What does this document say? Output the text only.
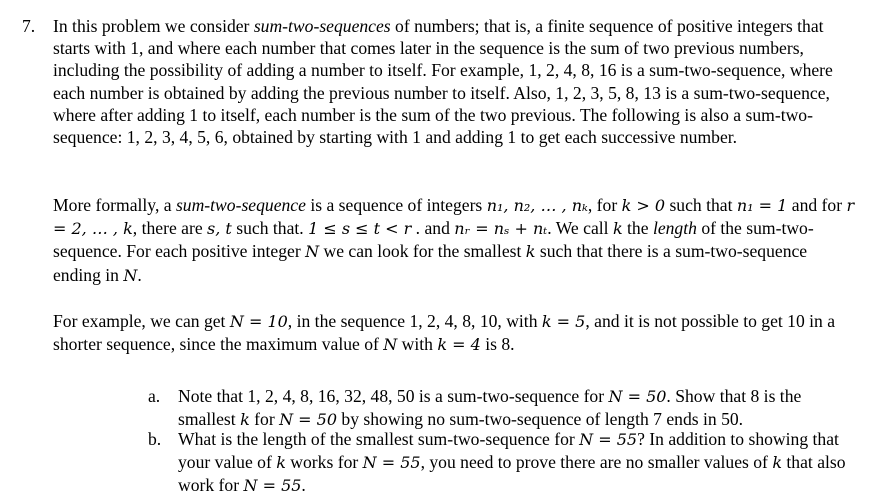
7. In this problem we consider sum-two-sequences of numbers; that is, a finite sequence of positive integers that starts with 1, and where each number that comes later in the sequence is the sum of two previous numbers, including the possibility of adding a number to itself. For example, 1, 2, 4, 8, 16 is a sum-two-sequence, where each number is obtained by adding the previous number to itself. Also, 1, 2, 3, 5, 8, 13 is a sum-two-sequence, where after adding 1 to itself, each number is the sum of the two previous. The following is also a sum-two-sequence: 1, 2, 3, 4, 5, 6, obtained by starting with 1 and adding 1 to get each successive number.

More formally, a sum-two-sequence is a sequence of integers n₁, n₂, … , nₖ, for k > 0 such that n₁ = 1 and for r = 2, … , k, there are s, t such that. 1 ≤ s ≤ t < r . and nᵣ = nₛ + nₜ. We call k the length of the sum-two-sequence. For each positive integer N we can look for the smallest k such that there is a sum-two-sequence ending in N.

For example, we can get N = 10, in the sequence 1, 2, 4, 8, 10, with k = 5, and it is not possible to get 10 in a shorter sequence, since the maximum value of N with k = 4 is 8.

a. Note that 1, 2, 4, 8, 16, 32, 48, 50 is a sum-two-sequence for N = 50. Show that 8 is the smallest k for N = 50 by showing no sum-two-sequence of length 7 ends in 50.

b. What is the length of the smallest sum-two-sequence for N = 55? In addition to showing that your value of k works for N = 55, you need to prove there are no smaller values of k that also work for N = 55.
